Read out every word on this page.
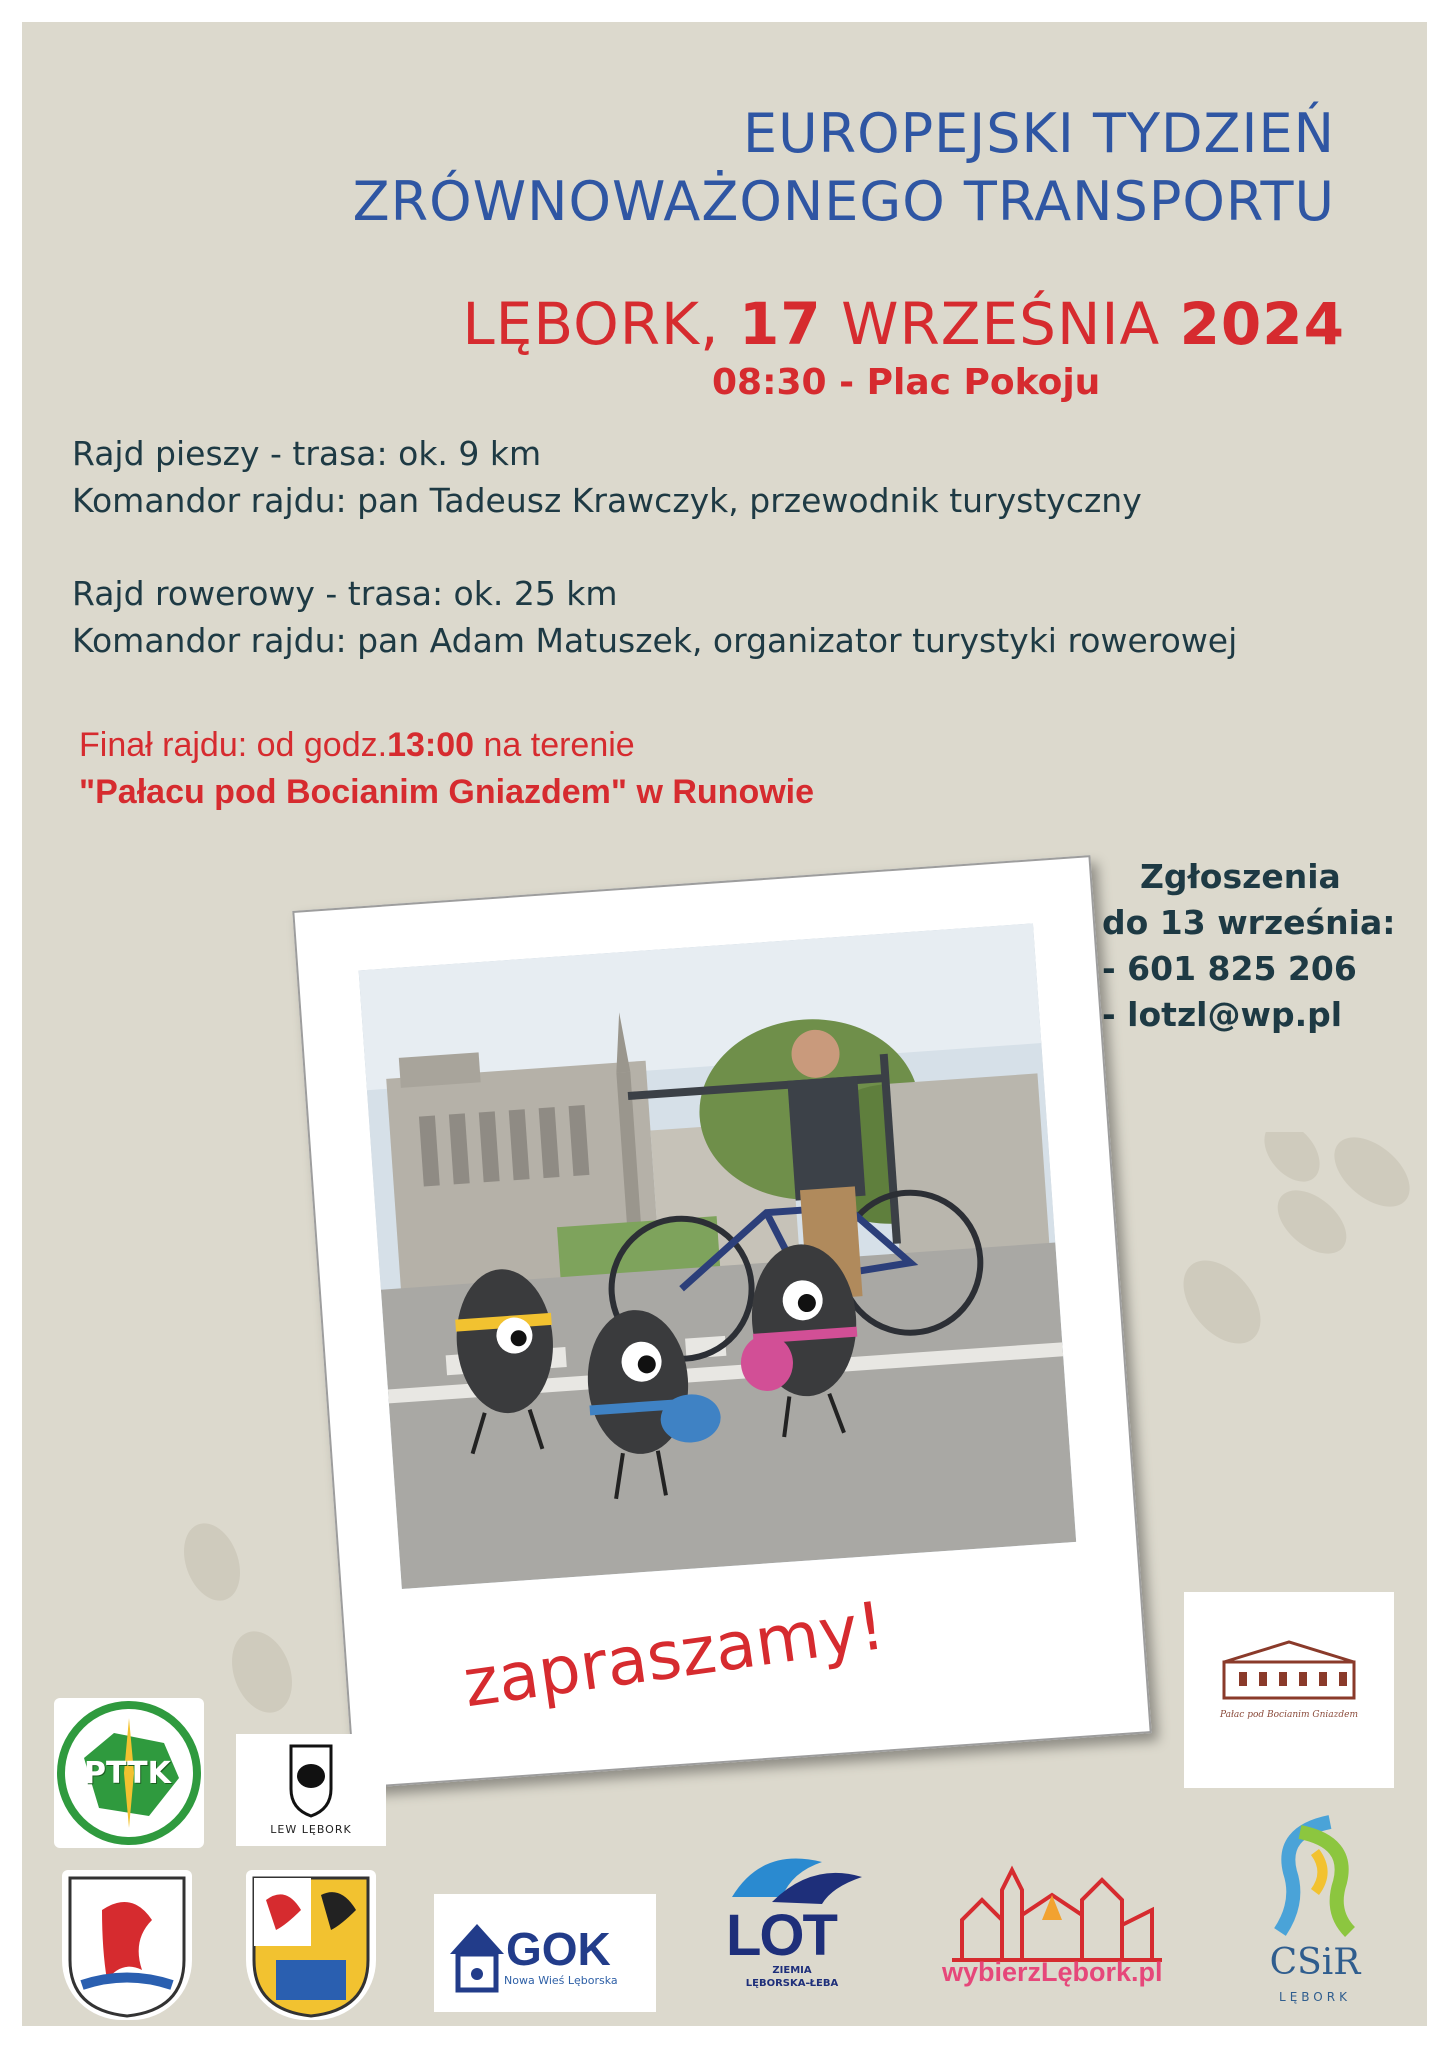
EUROPEJSKI TYDZIEŃ
ZRÓWNOWAŻONEGO TRANSPORTU
LĘBORK, 17 WRZEŚNIA 2024
08:30 - Plac Pokoju
Rajd pieszy - trasa: ok. 9 km
Komandor rajdu: pan Tadeusz Krawczyk, przewodnik turystyczny
Rajd rowerowy - trasa: ok. 25 km
Komandor rajdu: pan Adam Matuszek, organizator turystyki rowerowej
Finał rajdu: od godz.13:00 na terenie
"Pałacu pod Bocianim Gniazdem" w Runowie
Zgłoszenia
do 13 września:
- 601 825 206
- lotzl@wp.pl
zapraszamy!
PTTK
LEW LĘBORK
GOK
Nowa Wieś Lęborska
LOT
ZIEMIA
LĘBORSKA-ŁEBA	wybierzLębork.pl
Pałac pod Bocianim Gniazdem
CSiR
LĘBORK
